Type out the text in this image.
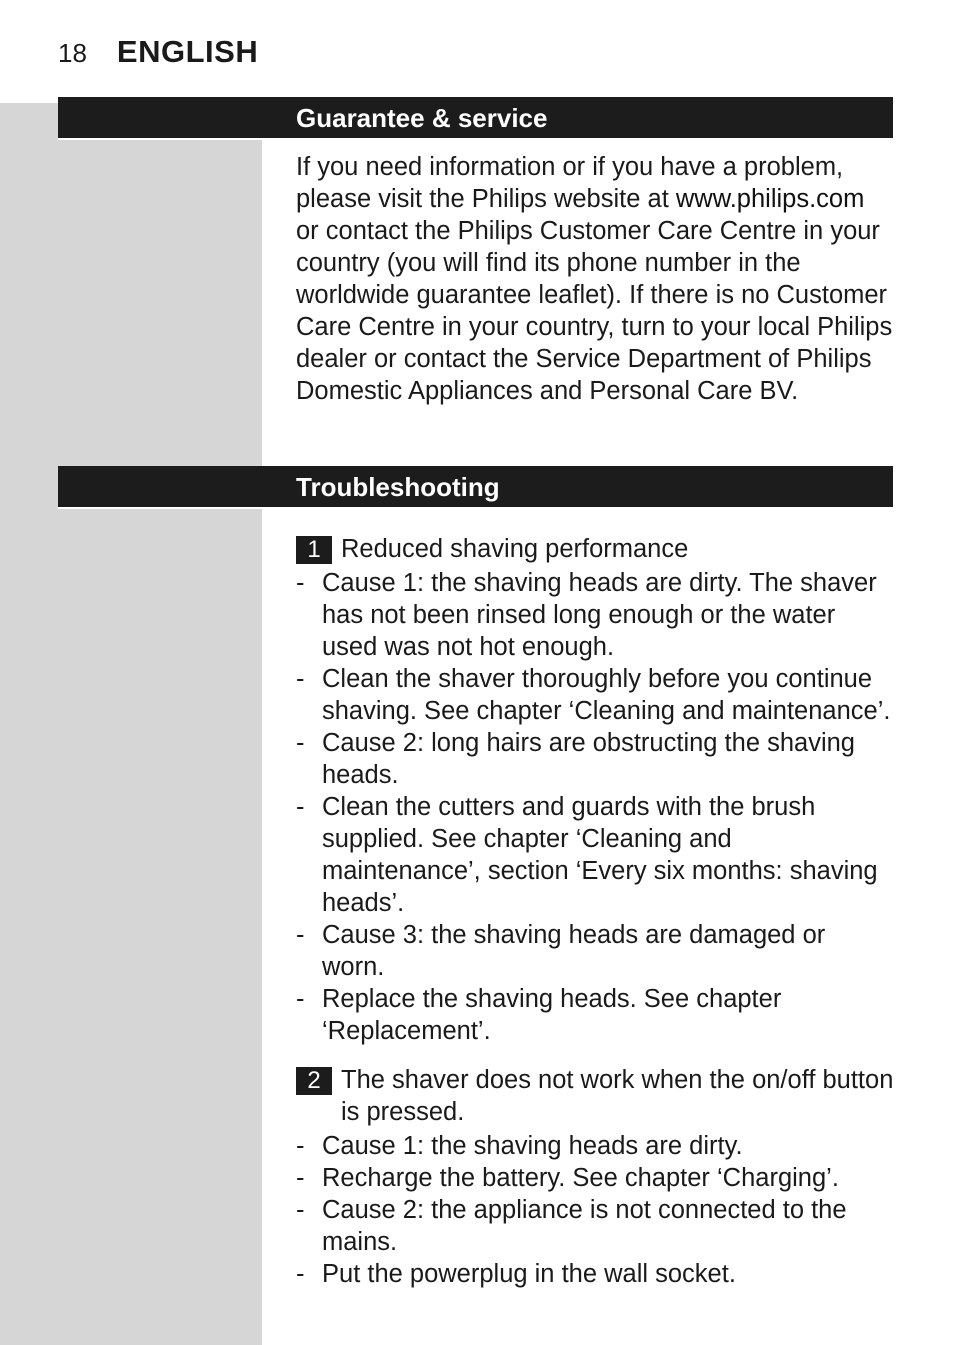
18 ENGLISH
Guarantee & service
If you need information or if you have a problem, please visit the Philips website at www.philips.com or contact the Philips Customer Care Centre in your country (you will find its phone number in the worldwide guarantee leaflet). If there is no Customer Care Centre in your country, turn to your local Philips dealer or contact the Service Department of Philips Domestic Appliances and Personal Care BV.
Troubleshooting
1 Reduced shaving performance
- Cause 1: the shaving heads are dirty. The shaver has not been rinsed long enough or the water used was not hot enough.
- Clean the shaver thoroughly before you continue shaving. See chapter ‘Cleaning and maintenance’.
- Cause 2: long hairs are obstructing the shaving heads.
- Clean the cutters and guards with the brush supplied. See chapter ‘Cleaning and maintenance’, section ‘Every six months: shaving heads’.
- Cause 3: the shaving heads are damaged or worn.
- Replace the shaving heads. See chapter ‘Replacement’.
2 The shaver does not work when the on/off button is pressed.
- Cause 1: the shaving heads are dirty.
- Recharge the battery. See chapter ‘Charging’.
- Cause 2: the appliance is not connected to the mains.
- Put the powerplug in the wall socket.
